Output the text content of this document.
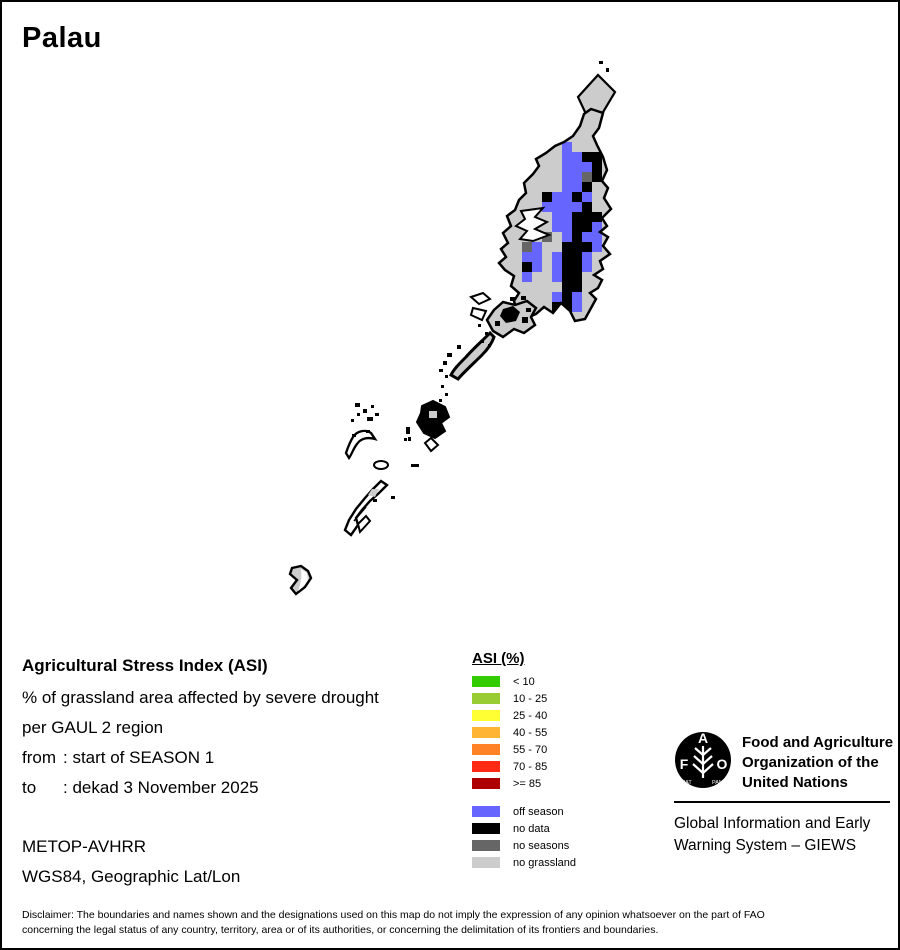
Palau
Agricultural Stress Index (ASI)
% of grassland area affected by severe drought
per GAUL 2 region
from : start of SEASON 1
to	: dekad 3 November 2025
METOP-AVHRR
WGS84, Geographic Lat/Lon
ASI (%)
< 10
10 - 25
25 - 40
40 - 55
55 - 70
70 - 85
>= 85
off season
no data
no seasons
no grassland
F
A
O
FIAT	PANIS
Food and Agriculture
Organization of the
United Nations
Global Information and Early
Warning System – GIEWS
Disclaimer: The boundaries and names shown and the designations used on this map do not imply the expression of any opinion whatsoever on the part of FAO
concerning the legal status of any country, territory, area or of its authorities, or concerning the delimitation of its frontiers and boundaries.
